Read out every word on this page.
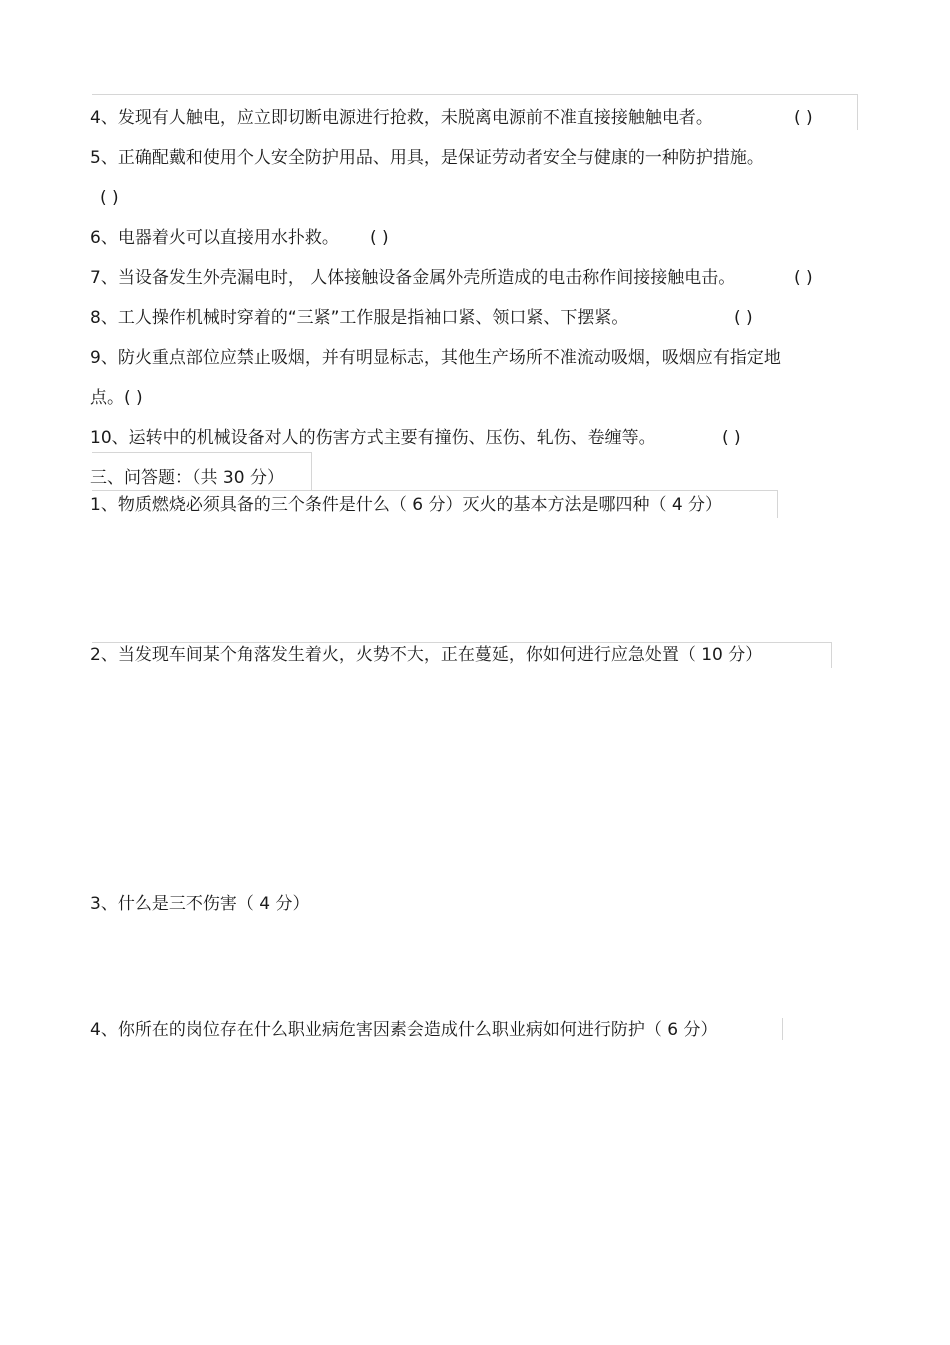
4、发现有人触电，应立即切断电源进行抢救，未脱离电源前不准直接接触触电者。	( )
5、正确配戴和使用个人安全防护用品、用具，是保证劳动者安全与健康的一种防护措施。
( )
6、电器着火可以直接用水扑救。 ( )
7、当设备发生外壳漏电时， 人体接触设备金属外壳所造成的电击称作间接接触电击。	( )
8、工人操作机械时穿着的“三紧”工作服是指袖口紧、领口紧、下摆紧。	( )
9、防火重点部位应禁止吸烟，并有明显标志，其他生产场所不准流动吸烟，吸烟应有指定地
点。( )
10、运转中的机械设备对人的伤害方式主要有撞伤、压伤、轧伤、卷缠等。	( )
三、问答题：（共 30 分）
1、物质燃烧必须具备的三个条件是什么（ 6 分）灭火的基本方法是哪四种（ 4 分）
2、当发现车间某个角落发生着火，火势不大，正在蔓延，你如何进行应急处置（ 10 分）
3、什么是三不伤害（ 4 分）
4、你所在的岗位存在什么职业病危害因素会造成什么职业病如何进行防护（ 6 分）
